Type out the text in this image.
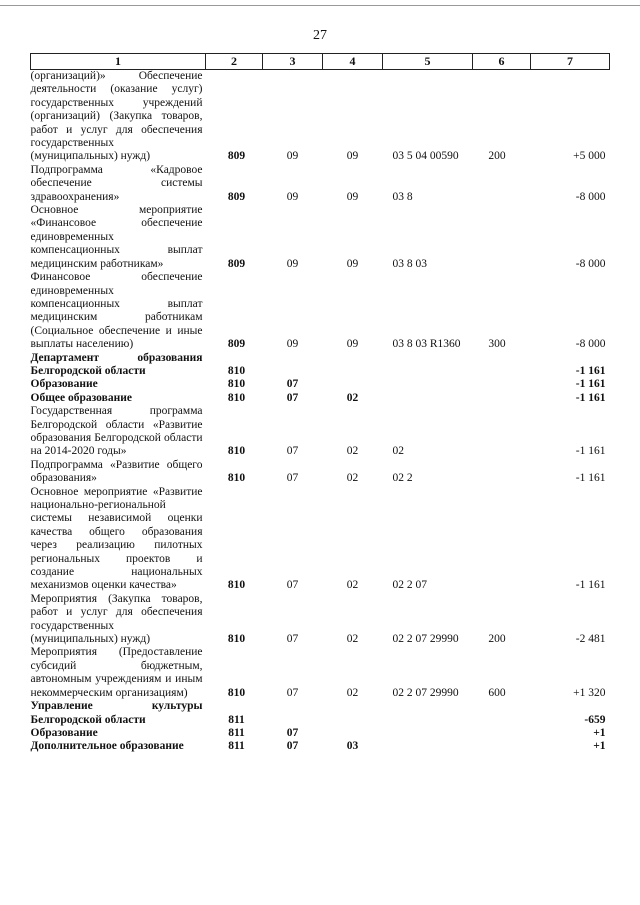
27
1	2	3	4	5	6	7
(организаций)» Обеспечение деятельности (оказание услуг) государственных учреждений (организаций) (Закупка товаров, работ и услуг для обеспечения государственных (муниципальных) нужд)	809	09	09	03 5 04 00590	200	+5 000
Подпрограмма «Кадровое обеспечение системы здравоохранения»	809	09	09	03 8		-8 000
Основное мероприятие «Финансовое обеспечение единовременных компенсационных выплат медицинским работникам»	809	09	09	03 8 03		-8 000
Финансовое обеспечение единовременных компенсационных выплат медицинским работникам (Социальное обеспечение и иные выплаты населению)	809	09	09	03 8 03 R1360	300	-8 000
Департамент образования Белгородской области	810					-1 161
Образование	810	07				-1 161
Общее образование	810	07	02			-1 161
Государственная программа Белгородской области «Развитие образования Белгородской области на 2014-2020 годы»	810	07	02	02		-1 161
Подпрограмма «Развитие общего образования»	810	07	02	02 2		-1 161
Основное мероприятие «Развитие национально-региональной системы независимой оценки качества общего образования через реализацию пилотных региональных проектов и создание национальных механизмов оценки качества»	810	07	02	02 2 07		-1 161
Мероприятия (Закупка товаров, работ и услуг для обеспечения государственных (муниципальных) нужд)	810	07	02	02 2 07 29990	200	-2 481
Мероприятия (Предоставление субсидий бюджетным, автономным учреждениям и иным некоммерческим организациям)	810	07	02	02 2 07 29990	600	+1 320
Управление культуры Белгородской области	811					-659
Образование	811	07				+1
Дополнительное образование	811	07	03			+1
